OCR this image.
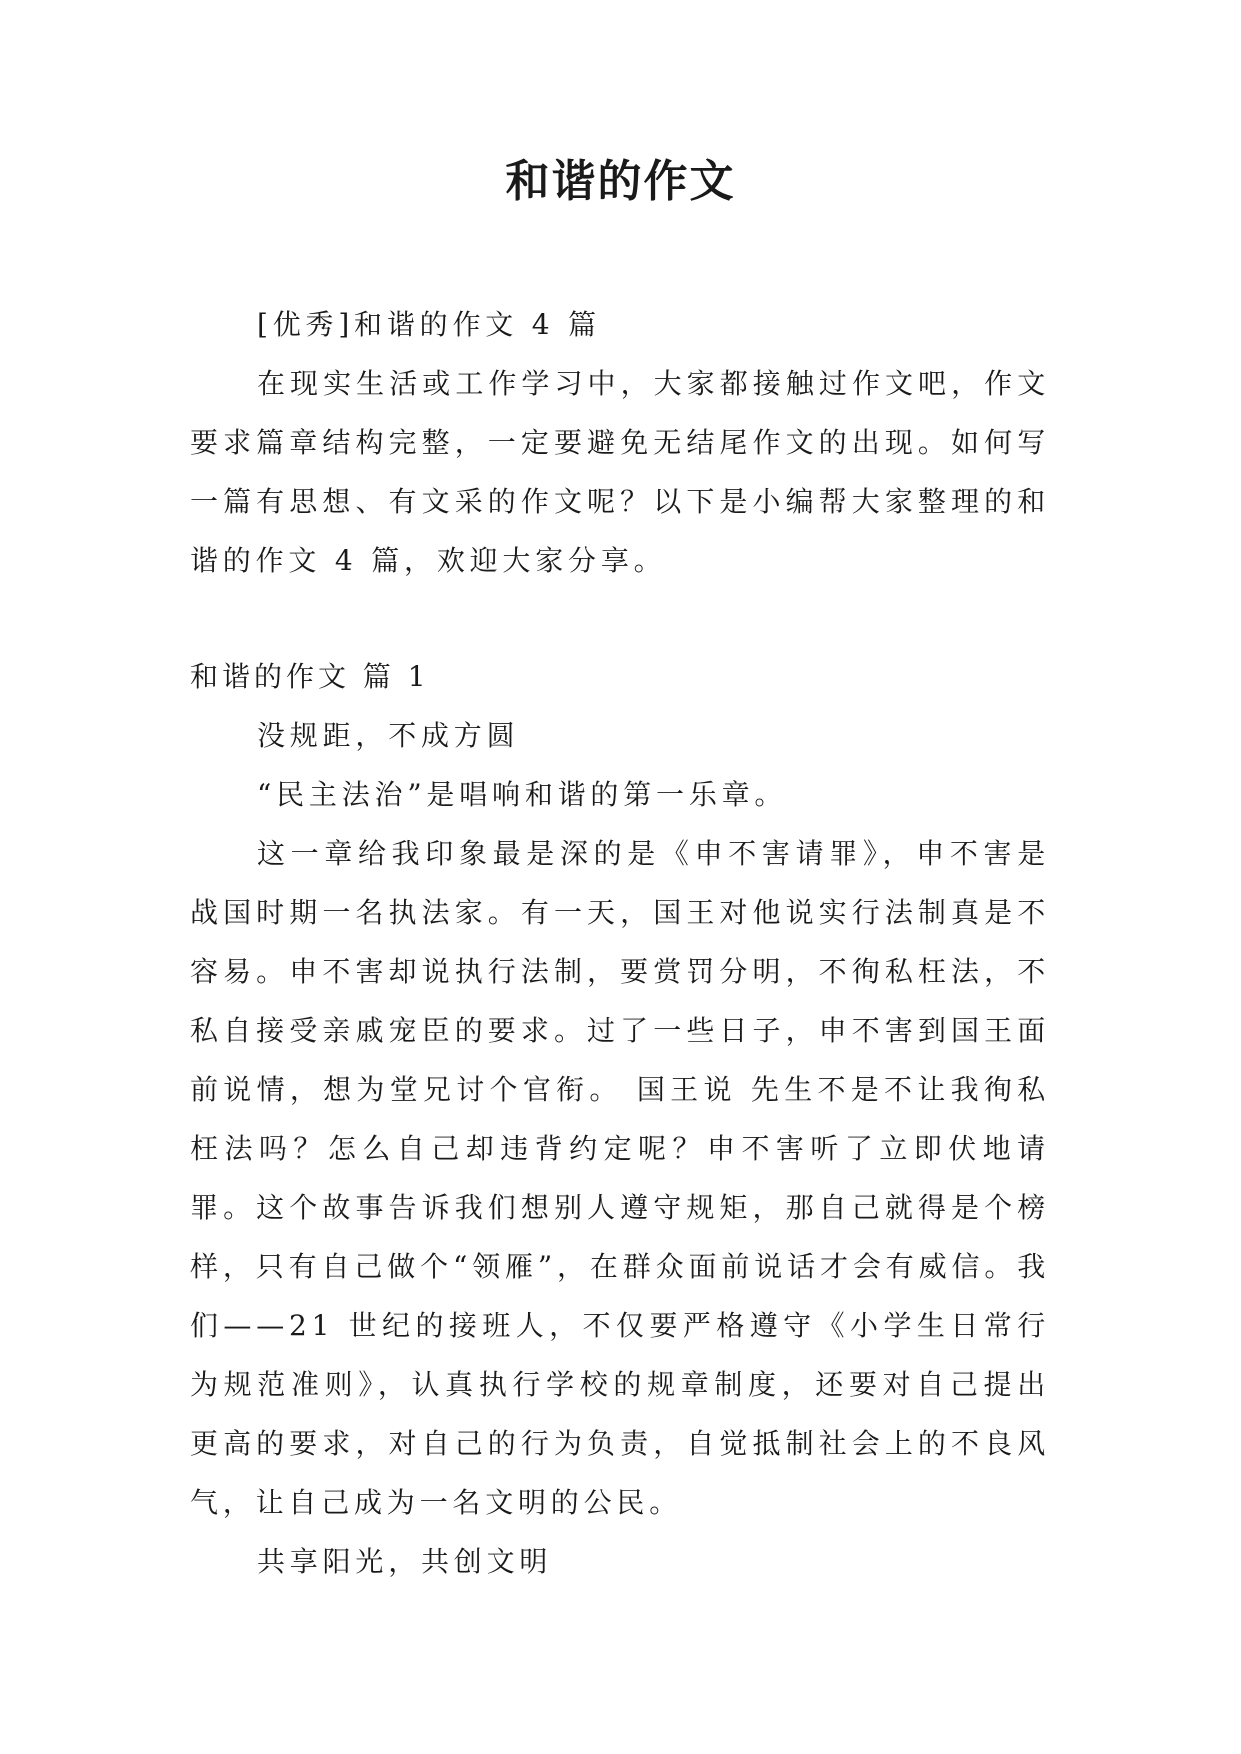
和谐的作文

[优秀]和谐的作文 4 篇

在现实生活或工作学习中，大家都接触过作文吧，作文要求篇章结构完整，一定要避免无结尾作文的出现。如何写一篇有思想、有文采的作文呢？以下是小编帮大家整理的和谐的作文 4 篇，欢迎大家分享。

和谐的作文 篇 1

没规距，不成方圆

“民主法治”是唱响和谐的第一乐章。

这一章给我印象最是深的是《申不害请罪》，申不害是战国时期一名执法家。有一天，国王对他说实行法制真是不容易。申不害却说执行法制，要赏罚分明，不徇私枉法，不私自接受亲戚宠臣的要求。过了一些日子，申不害到国王面前说情，想为堂兄讨个官衔。 国王说 先生不是不让我徇私枉法吗？怎么自己却违背约定呢？申不害听了立即伏地请罪。这个故事告诉我们想别人遵守规矩，那自己就得是个榜样，只有自己做个“领雁”，在群众面前说话才会有威信。我们——21 世纪的接班人，不仅要严格遵守《小学生日常行为规范准则》，认真执行学校的规章制度，还要对自己提出更高的要求，对自己的行为负责，自觉抵制社会上的不良风气，让自己成为一名文明的公民。

共享阳光，共创文明
